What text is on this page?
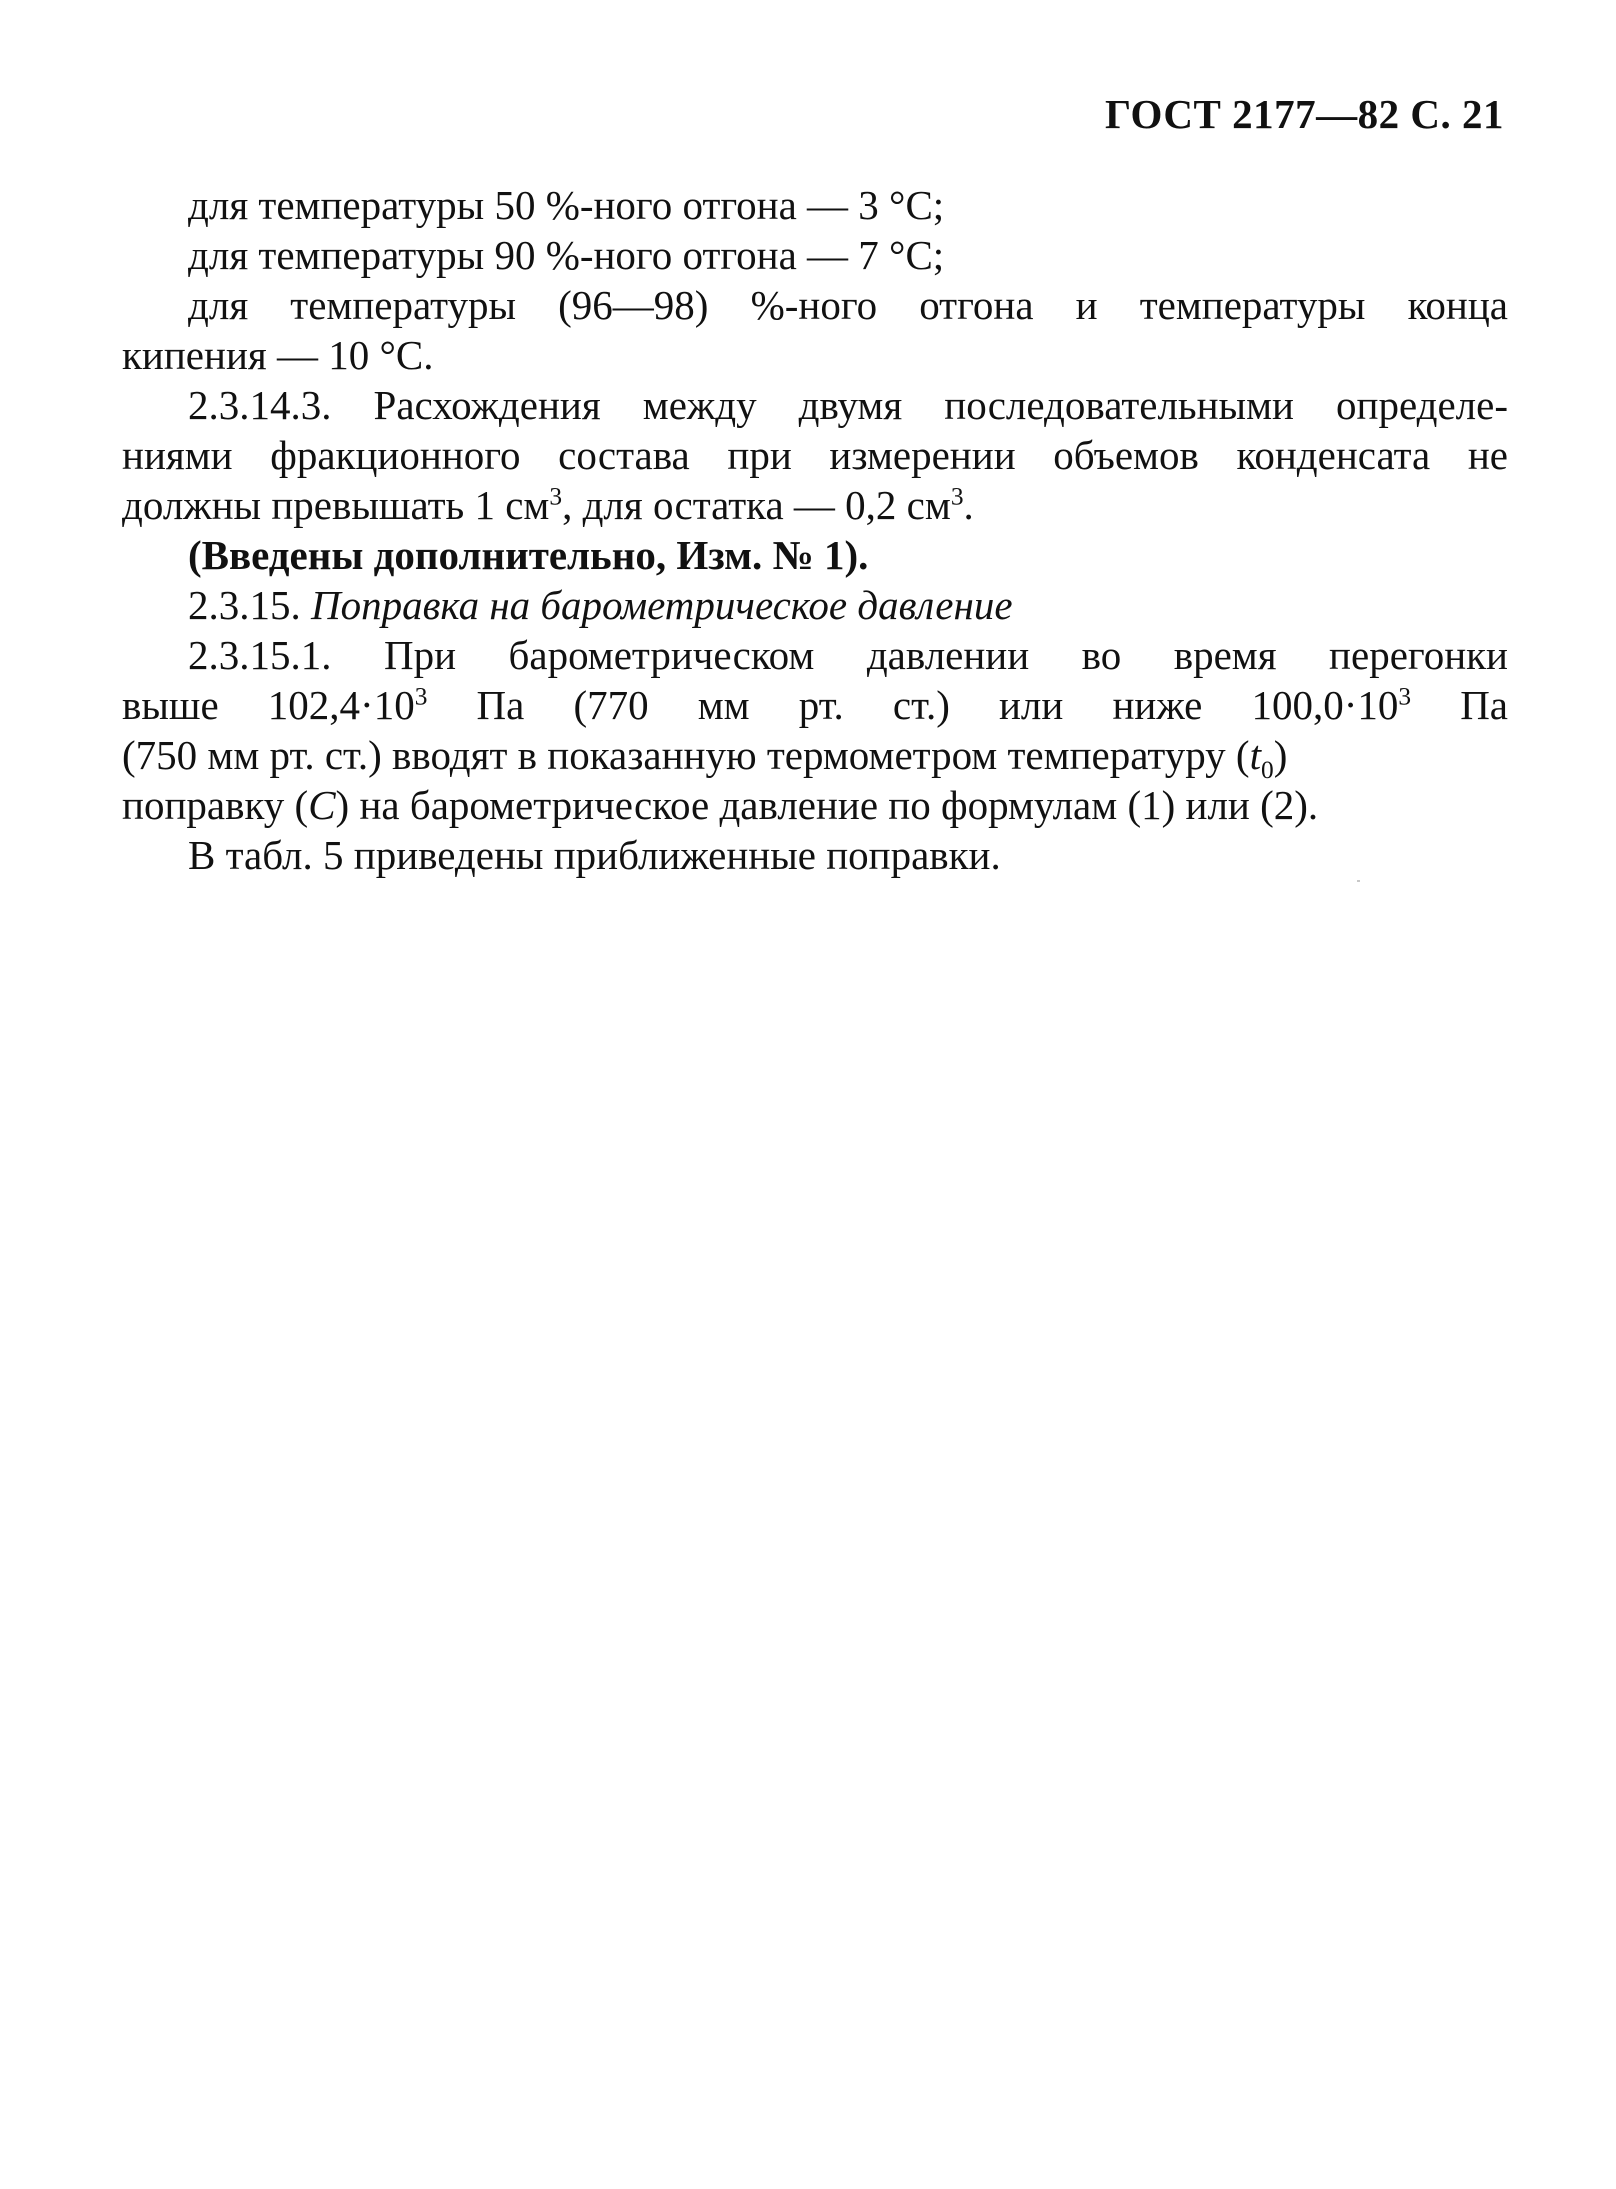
ГОСТ 2177—82 С. 21
для температуры 50 %-ного отгона — 3 °С;
для температуры 90 %-ного отгона — 7 °С;
для температуры (96—98) %-ного отгона и температуры конца
кипения — 10 °С.
2.3.14.3. Расхождения между двумя последовательными определе-
ниями фракционного состава при измерении объемов конденсата не
должны превышать 1 $см^3$, для остатка — 0,2 $см^3$.
(Введены дополнительно, Изм. № 1).
2.3.15. Поправка на барометрическое давление
2.3.15.1. При барометрическом давлении во время перегонки
выше $102,4\cdot 10^3$ Па (770 мм рт. ст.) или ниже $100,0\cdot 10^3$ Па
(750 мм рт. ст.) вводят в показанную термометром температуру $(t_0)$
поправку (С) на барометрическое давление по формулам (1) или (2).
В табл. 5 приведены приближенные поправки.
